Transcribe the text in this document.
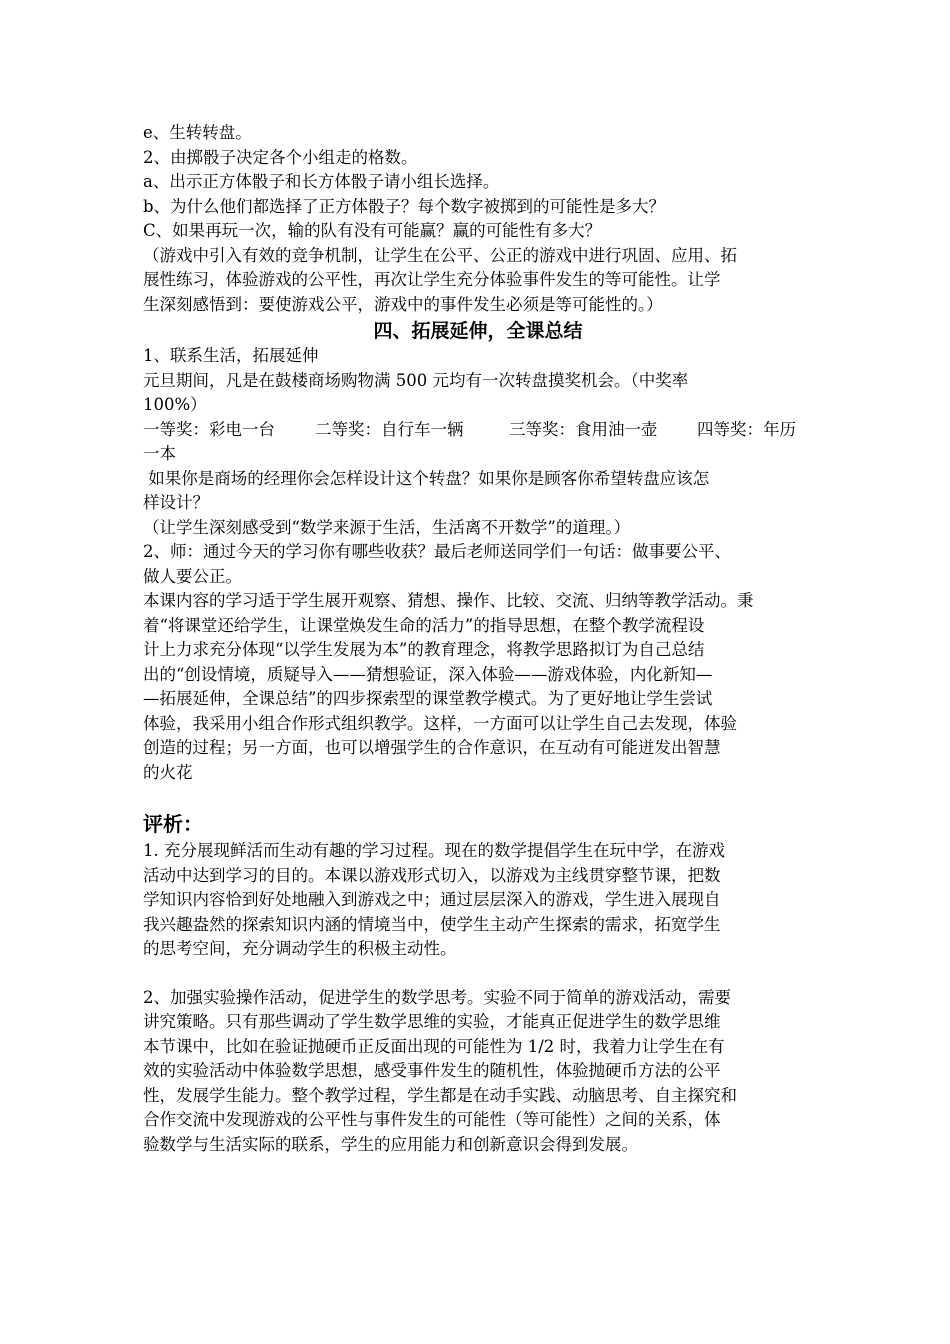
e、生转转盘。
2、由掷骰子决定各个小组走的格数。
a、出示正方体骰子和长方体骰子请小组长选择。
b、为什么他们都选择了正方体骰子？每个数字被掷到的可能性是多大？
C、如果再玩一次，输的队有没有可能赢？赢的可能性有多大？
（游戏中引入有效的竞争机制，让学生在公平、公正的游戏中进行巩固、应用、拓
展性练习，体验游戏的公平性，再次让学生充分体验事件发生的等可能性。让学
生深刻感悟到：要使游戏公平，游戏中的事件发生必须是等可能性的。）
四、拓展延伸，全课总结
1、联系生活，拓展延伸
元旦期间，凡是在鼓楼商场购物满 500 元均有一次转盘摸奖机会。（中奖率
100%）
一等奖：彩电一台	二等奖：自行车一辆	三等奖：食用油一壶	四等奖：年历
一本
如果你是商场的经理你会怎样设计这个转盘？如果你是顾客你希望转盘应该怎
样设计？
（让学生深刻感受到“数学来源于生活，生活离不开数学”的道理。）
2、师：通过今天的学习你有哪些收获？最后老师送同学们一句话：做事要公平、
做人要公正。
本课内容的学习适于学生展开观察、猜想、操作、比较、交流、归纳等教学活动。秉
着“将课堂还给学生，让课堂焕发生命的活力”的指导思想，在整个教学流程设
计上力求充分体现“以学生发展为本”的教育理念，将教学思路拟订为自己总结
出的“创设情境，质疑导入——猜想验证，深入体验——游戏体验，内化新知—
—拓展延伸，全课总结”的四步探索型的课堂教学模式。为了更好地让学生尝试
体验，我采用小组合作形式组织教学。这样，一方面可以让学生自己去发现，体验
创造的过程；另一方面，也可以增强学生的合作意识，在互动有可能迸发出智慧
的火花
评析：
1. 充分展现鲜活而生动有趣的学习过程。现在的数学提倡学生在玩中学，在游戏
活动中达到学习的目的。本课以游戏形式切入，以游戏为主线贯穿整节课，把数
学知识内容恰到好处地融入到游戏之中；通过层层深入的游戏，学生进入展现自
我兴趣盎然的探索知识内涵的情境当中，使学生主动产生探索的需求，拓宽学生
的思考空间，充分调动学生的积极主动性。
2、加强实验操作活动，促进学生的数学思考。实验不同于简单的游戏活动，需要
讲究策略。只有那些调动了学生数学思维的实验，才能真正促进学生的数学思维
本节课中，比如在验证抛硬币正反面出现的可能性为 1/2 时，我着力让学生在有
效的实验活动中体验数学思想，感受事件发生的随机性，体验抛硬币方法的公平
性，发展学生能力。整个教学过程，学生都是在动手实践、动脑思考、自主探究和
合作交流中发现游戏的公平性与事件发生的可能性（等可能性）之间的关系，体
验数学与生活实际的联系，学生的应用能力和创新意识会得到发展。
